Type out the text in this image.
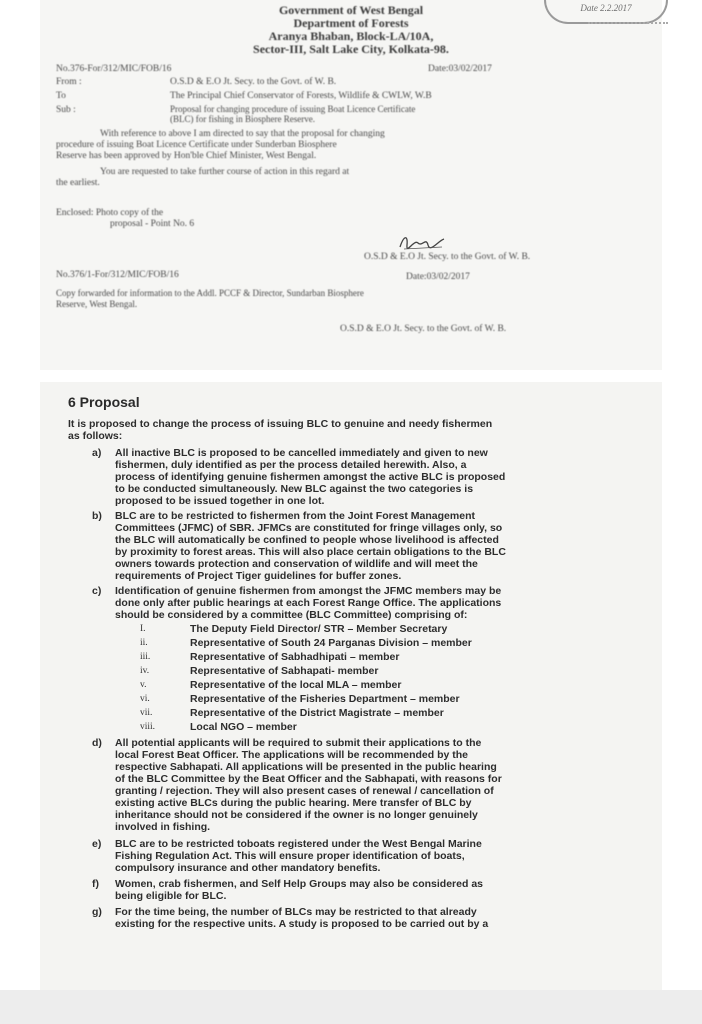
Date 2.2.2017
Government of West Bengal
Department of Forests
Aranya Bhaban, Block-LA/10A,
Sector-III, Salt Lake City, Kolkata-98.
No.376-For/312/MIC/FOB/16	Date:03/02/2017
From :	O.S.D & E.O Jt. Secy. to the Govt. of W. B.
To	The Principal Chief Conservator of Forests, Wildlife & CWLW, W.B
Sub :	Proposal for changing procedure of issuing Boat Licence Certificate
(BLC) for fishing in Biosphere Reserve.
With reference to above I am directed to say that the proposal for changing
procedure of issuing Boat Licence Certificate under Sunderban Biosphere
Reserve has been approved by Hon'ble Chief Minister, West Bengal.
You are requested to take further course of action in this regard at
the earliest.
Enclosed: Photo copy of the
proposal - Point No. 6
O.S.D & E.O Jt. Secy. to the Govt. of W. B.
No.376/1-For/312/MIC/FOB/16	Date:03/02/2017
Copy forwarded for information to the Addl. PCCF & Director, Sundarban Biosphere
Reserve, West Bengal.
O.S.D & E.O Jt. Secy. to the Govt. of W. B.
6 Proposal
It is proposed to change the process of issuing BLC to genuine and needy fishermen
as follows:
a) All inactive BLC is proposed to be cancelled immediately and given to new
fishermen, duly identified as per the process detailed herewith. Also, a
process of identifying genuine fishermen amongst the active BLC is proposed
to be conducted simultaneously. New BLC against the two categories is
proposed to be issued together in one lot.
b) BLC are to be restricted to fishermen from the Joint Forest Management
Committees (JFMC) of SBR. JFMCs are constituted for fringe villages only, so
the BLC will automatically be confined to people whose livelihood is affected
by proximity to forest areas. This will also place certain obligations to the BLC
owners towards protection and conservation of wildlife and will meet the
requirements of Project Tiger guidelines for buffer zones.
c) Identification of genuine fishermen from amongst the JFMC members may be
done only after public hearings at each Forest Range Office. The applications
should be considered by a committee (BLC Committee) comprising of:
I.	The Deputy Field Director/ STR – Member Secretary
ii.	Representative of South 24 Parganas Division – member
iii.	Representative of Sabhadhipati – member
iv.	Representative of Sabhapati- member
v.	Representative of the local MLA – member
vi.	Representative of the Fisheries Department – member
vii.	Representative of the District Magistrate – member
viii.	Local NGO – member
d) All potential applicants will be required to submit their applications to the
local Forest Beat Officer. The applications will be recommended by the
respective Sabhapati. All applications will be presented in the public hearing
of the BLC Committee by the Beat Officer and the Sabhapati, with reasons for
granting / rejection. They will also present cases of renewal / cancellation of
existing active BLCs during the public hearing. Mere transfer of BLC by
inheritance should not be considered if the owner is no longer genuinely
involved in fishing.
e) BLC are to be restricted toboats registered under the West Bengal Marine
Fishing Regulation Act. This will ensure proper identification of boats,
compulsory insurance and other mandatory benefits.
f) Women, crab fishermen, and Self Help Groups may also be considered as
being eligible for BLC.
g) For the time being, the number of BLCs may be restricted to that already
existing for the respective units. A study is proposed to be carried out by a
